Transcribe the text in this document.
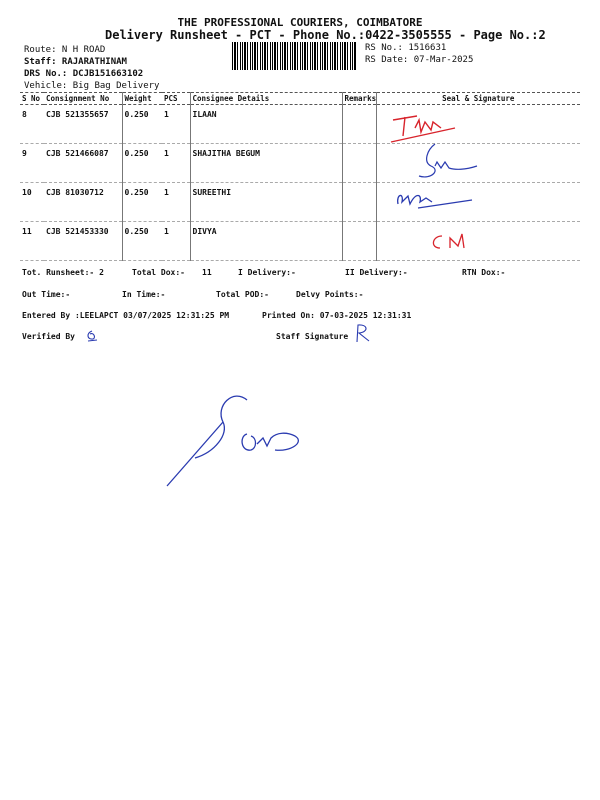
THE PROFESSIONAL COURIERS, COIMBATORE
Delivery Runsheet - PCT - Phone No.:0422-3505555 - Page No.:2
Route: N H ROAD
Staff: RAJARATHINAM
DRS No.: DCJB151663102
Vehicle: Big Bag Delivery
RS No.: 1516631
RS Date: 07-Mar-2025
S No	Consignment No	Weight	PCS	Consignee Details	Remarks	Seal & Signature
8	CJB 521355657	0.250	1	ILAAN		
9	CJB 521466087	0.250	1	SHAJITHA BEGUM		
10	CJB 81030712	0.250	1	SUREETHI		
11	CJB 521453330	0.250	1	DIVYA		
Tot. Runsheet:- 2	Total Dox:- 11	I Delivery:-	II Delivery:-	RTN Dox:-
Out Time:-	In Time:-	Total POD:-	Delvy Points:-
Entered By :LEELAPCT 03/07/2025 12:31:25 PM	Printed On: 07-03-2025 12:31:31
Verified By	Staff Signature
